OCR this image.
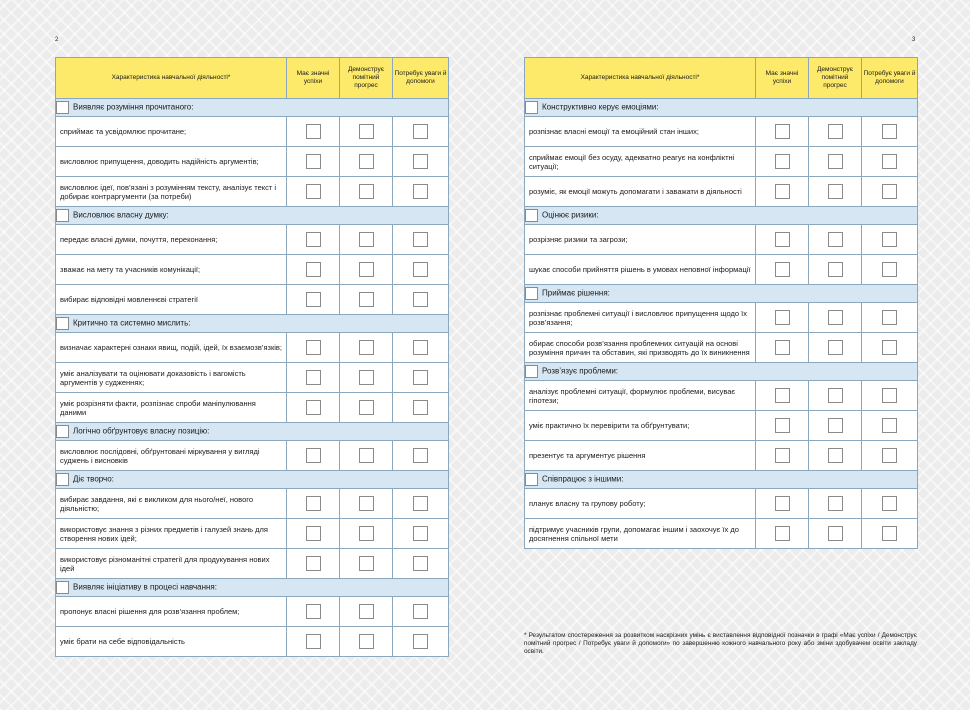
2	3
Характеристика навчальної діяльності*	Має значні успіхи	Демонструє помітний прогрес	Потребує уваги й допомоги
Виявляє розуміння прочитаного:			
сприймає та усвідомлює прочитане;	

висловлює припущення, доводить надійність аргументів;	

висловлює ідеї, пов’язані з розумінням тексту, аналізує текст і добирає контраргументи (за потреби)	

Висловлює власну думку:			
передає власні думки, почуття, переконання;	

зважає на мету та учасників комунікації;	

вибирає відповідні мовленнєві стратегії	

Критично та системно мислить:			
визначає характерні ознаки явищ, подій, ідей, їх взаємозв’язків;	

уміє аналізувати та оцінювати доказовість і вагомість аргументів у судженнях;	

уміє розрізняти факти, розпізнає спроби маніпулювання даними	

Логічно обґрунтовує власну позицію:			
висловлює послідовні, обґрунтовані міркування у вигляді суджень і висновків	

Діє творчо:			
вибирає завдання, які є викликом для нього/неї, нового діяльністю;	

використовує знання з різних предметів і галузей знань для створення нових ідей;	

використовує різноманітні стратегії для продукування нових ідей	

Виявляє ініціативу в процесі навчання:			
пропонує власні рішення для розв’язання проблем;	

уміє брати на себе відповідальність	

Характеристика навчальної діяльності*	Має значні успіхи	Демонструє помітний прогрес	Потребує уваги й допомоги
Конструктивно керує емоціями:			
розпізнає власні емоції та емоційний стан інших;	

сприймає емоції без осуду, адекватно реагує на конфліктні ситуації;	

розуміє, як емоції можуть допомагати і заважати в діяльності	

Оцінює ризики:			
розрізняє ризики та загрози;	

шукає способи прийняття рішень в умовах неповної інформації	

Приймає рішення:			
розпізнає проблемні ситуації і висловлює припущення щодо їх розв’язання;	

обирає способи розв’язання проблемних ситуацій на основі розуміння причин та обставин, які призводять до їх виникнення	

Розв’язує проблеми:			
аналізує проблемні ситуації, формулює проблеми, висуває гіпотези;	

уміє практично їх перевірити та обґрунтувати;	

презентує та аргументує рішення	

Співпрацює з іншими:			
планує власну та групову роботу;	

підтримує учасників групи, допомагає іншим і заохочує їх до досягнення спільної мети	

* Результатом спостереження за розвитком наскрізних умінь є виставлення відповідної позначки в графі «Має успіхи / Демонструє помітний прогрес / Потребує уваги й допомоги» по завершенню кожного навчального року або зміни здобувачем освіти закладу освіти.
